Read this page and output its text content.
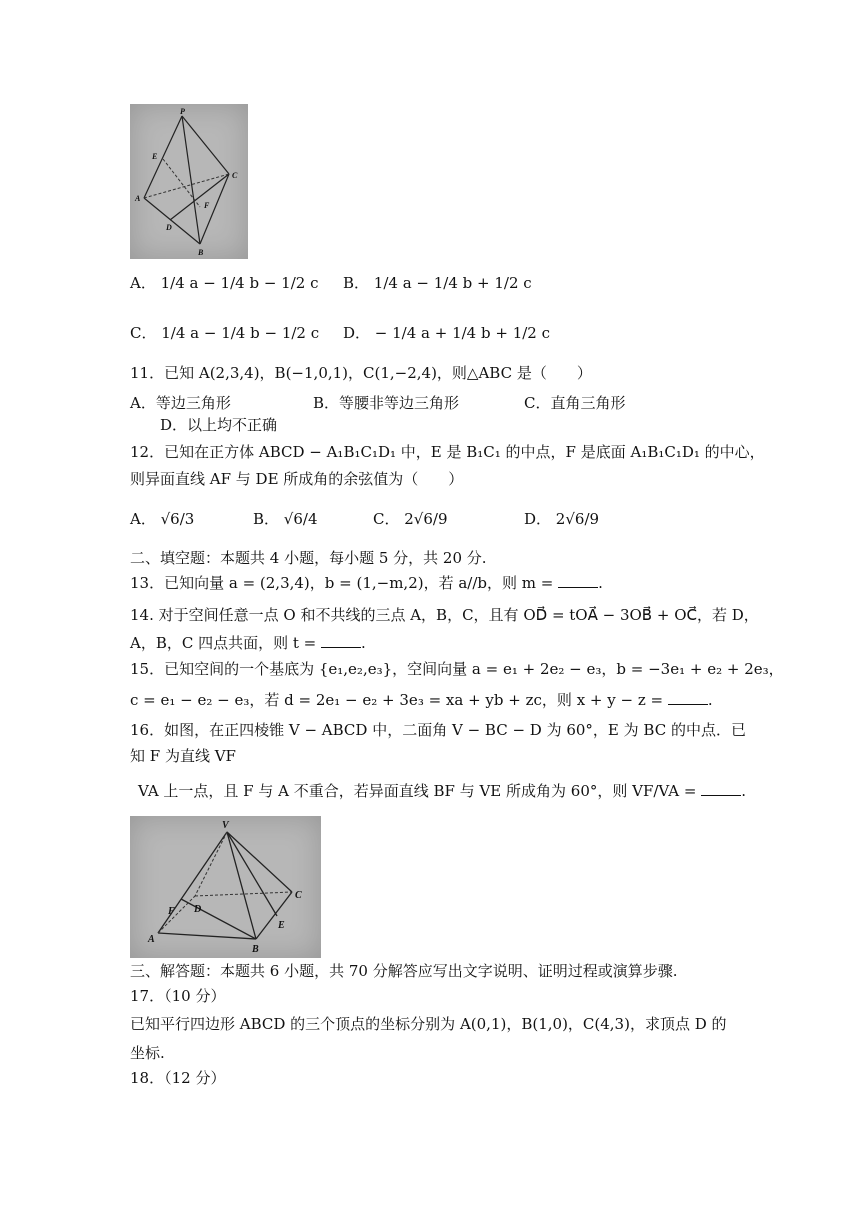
P
E
C
A
F
D
B
A． 1/4 a − 1/4 b − 1/2 c B． 1/4 a − 1/4 b + 1/2 c
C． 1/4 a − 1/4 b − 1/2 c D． − 1/4 a + 1/4 b + 1/2 c
11．已知 A(2,3,4)，B(−1,0,1)，C(1,−2,4)，则△ABC 是（　　）
A．等边三角形	B．等腰非等边三角形	C．直角三角形
D．以上均不正确
12．已知在正方体 ABCD − A₁B₁C₁D₁ 中，E 是 B₁C₁ 的中点，F 是底面 A₁B₁C₁D₁ 的中心，
则异面直线 AF 与 DE 所成角的余弦值为（　　）
A． √6/3	B． √6/4	C． 2√6/9	D． 2√6/9
二、填空题：本题共 4 小题，每小题 5 分，共 20 分.
13．已知向量 a = (2,3,4)，b = (1,−m,2)，若 a//b，则 m =	.
14. 对于空间任意一点 O 和不共线的三点 A，B，C，且有 OD⃗ = tOA⃗ − 3OB⃗ + OC⃗，若 D，
A，B，C 四点共面，则 t =	.
15．已知空间的一个基底为 {e₁,e₂,e₃}，空间向量 a = e₁ + 2e₂ − e₃，b = −3e₁ + e₂ + 2e₃，
c = e₁ − e₂ − e₃，若 d = 2e₁ − e₂ + 3e₃ = xa + yb + zc，则 x + y − z =	.
16．如图，在正四棱锥 V − ABCD 中，二面角 V − BC − D 为 60°，E 为 BC 的中点．已
知 F 为直线 VF
VA 上一点，且 F 与 A 不重合，若异面直线 BF 与 VE 所成角为 60°，则 VF/VA =	.
V
C
F D
E
A
B
三、解答题：本题共 6 小题，共 70 分解答应写出文字说明、证明过程或演算步骤.
17．（10 分）
已知平行四边形 ABCD 的三个顶点的坐标分别为 A(0,1)，B(1,0)，C(4,3)，求顶点 D 的
坐标.
18．（12 分）
